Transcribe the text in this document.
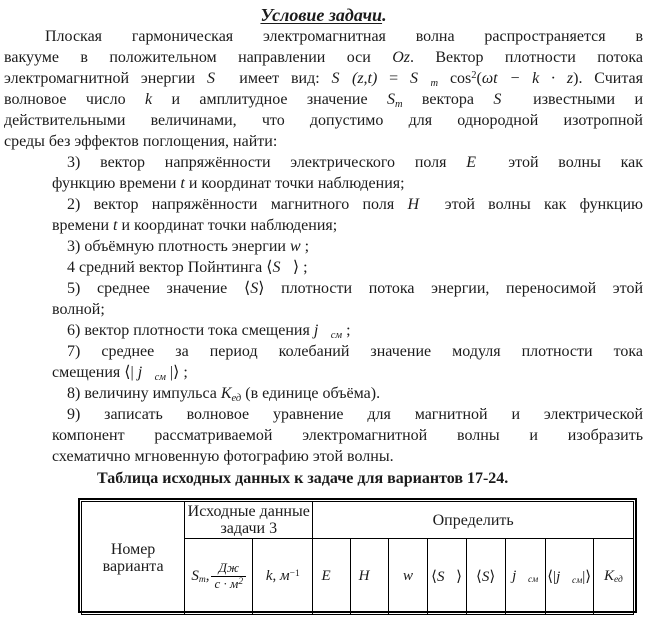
Условие задачи.
Плоская гармоническая электромагнитная волна распространяется в
вакууме в положительном направлении оси Oz. Вектор плотности потока
электромагнитной энергии S⃗ имеет вид: S⃗(z,t) = $S⃗_m$ $\cos^2(\omega t - k \cdot z)$. Считая
волновое число k и амплитудное значение $S_m$ вектора S⃗ известными и
действительными величинами, что допустимо для однородной изотропной
среды без эффектов поглощения, найти:
3) вектор напряжённости электрического поля E⃗ этой волны как
функцию времени t и координат точки наблюдения;
2) вектор напряжённости магнитного поля H⃗ этой волны как функцию
времени t и координат точки наблюдения;
3) объёмную плотность энергии w ;
4 средний вектор Пойнтинга ⟨S⃗⟩ ;
5) среднее значение ⟨S⟩ плотности потока энергии, переносимой этой
волной;
6) вектор плотности тока смещения $j⃗_{см}$ ;
7) среднее за период колебаний значение модуля плотности тока
смещения ⟨| $j⃗_{см}$ |⟩ ;
8) величину импульса $K_{ед}$ (в единице объёма).
9) записать волновое уравнение для магнитной и электрической
компонент рассматриваемой электромагнитной волны и изобразить
схематично мгновенную фотографию этой волны.
Таблица исходных данных к задаче для вариантов 17-24.
Номер варианта	Исходные данные задачи 3		Определить							
	$S_m$, $\frac{Дж}{с \cdot м^2}$	k, $м^{-1}$	E⃗	H⃗	w	⟨S⃗⟩	⟨S⟩	$j⃗_{см}$	$⟨|j⃗_{см}|⟩$	$K_{ед}$
